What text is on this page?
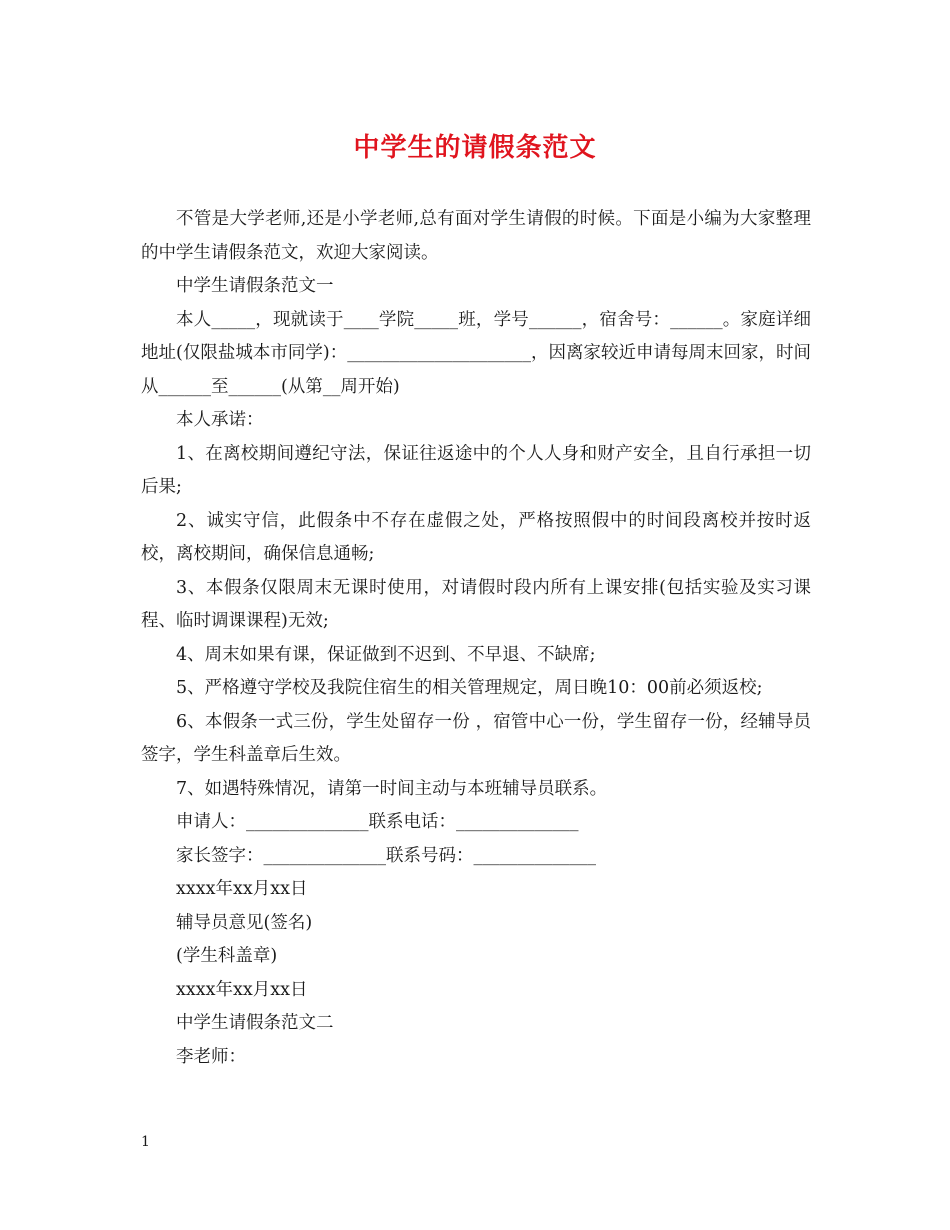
中学生的请假条范文

不管是大学老师,还是小学老师,总有面对学生请假的时候。下面是小编为大家整理的中学生请假条范文，欢迎大家阅读。

中学生请假条范文一

本人_____，现就读于____学院_____班，学号______，宿舍号：______。家庭详细地址(仅限盐城本市同学)：_____________________，因离家较近申请每周末回家，时间从______至______(从第__周开始)

本人承诺：

1、在离校期间遵纪守法，保证往返途中的个人人身和财产安全，且自行承担一切后果;

2、诚实守信，此假条中不存在虚假之处，严格按照假中的时间段离校并按时返校，离校期间，确保信息通畅;

3、本假条仅限周末无课时使用，对请假时段内所有上课安排(包括实验及实习课程、临时调课课程)无效;

4、周末如果有课，保证做到不迟到、不早退、不缺席;

5、严格遵守学校及我院住宿生的相关管理规定，周日晚10：00前必须返校;

6、本假条一式三份，学生处留存一份 ，宿管中心一份，学生留存一份，经辅导员签字，学生科盖章后生效。

7、如遇特殊情况，请第一时间主动与本班辅导员联系。

申请人：______________联系电话：______________

家长签字：______________联系号码：______________

xxxx年xx月xx日

辅导员意见(签名)

(学生科盖章)

xxxx年xx月xx日

中学生请假条范文二

李老师：

1
